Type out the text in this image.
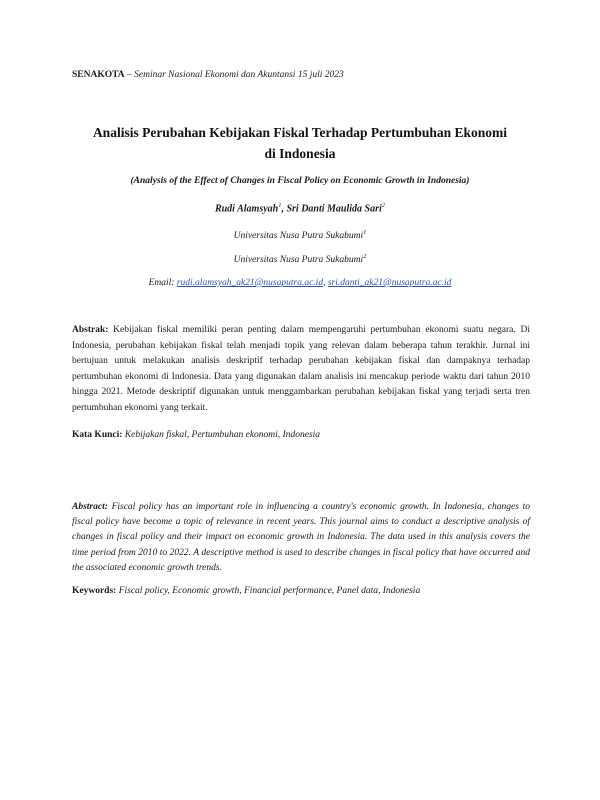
SENAKOTA – Seminar Nasional Ekonomi dan Akuntansi 15 juli 2023
Analisis Perubahan Kebijakan Fiskal Terhadap Pertumbuhan Ekonomi
di Indonesia
(Analysis of the Effect of Changes in Fiscal Policy on Economic Growth in Indonesia)
Rudi Alamsyah$^1$, Sri Danti Maulida Sari$^2$
Universitas Nusa Putra Sukabumi$^1$
Universitas Nusa Putra Sukabumi$^2$
Email: rudi.alamsyah_ak21@nusaputra.ac.id, sri.danti_ak21@nusaputra.ac.id
Abstrak: Kebijakan fiskal memiliki peran penting dalam mempengaruhi pertumbuhan ekonomi suatu negara. Di Indonesia, perubahan kebijakan fiskal telah menjadi topik yang relevan dalam beberapa tahun terakhir. Jurnal ini bertujuan untuk melakukan analisis deskriptif terhadap perubahan kebijakan fiskal dan dampaknya terhadap pertumbuhan ekonomi di Indonesia. Data yang digunakan dalam analisis ini mencakup periode waktu dari tahun 2010 hingga 2021. Metode deskriptif digunakan untuk menggambarkan perubahan kebijakan fiskal yang terjadi serta tren pertumbuhan ekonomi yang terkait.
Kata Kunci: Kebijakan fiskal, Pertumbuhan ekonomi, Indonesia
Abstract: Fiscal policy has an important role in influencing a country's economic growth. In Indonesia, changes to fiscal policy have become a topic of relevance in recent years. This journal aims to conduct a descriptive analysis of changes in fiscal policy and their impact on economic growth in Indonesia. The data used in this analysis covers the time period from 2010 to 2022. A descriptive method is used to describe changes in fiscal policy that have occurred and the associated economic growth trends.
Keywords: Fiscal policy, Economic growth, Financial performance, Panel data, Indonesia
